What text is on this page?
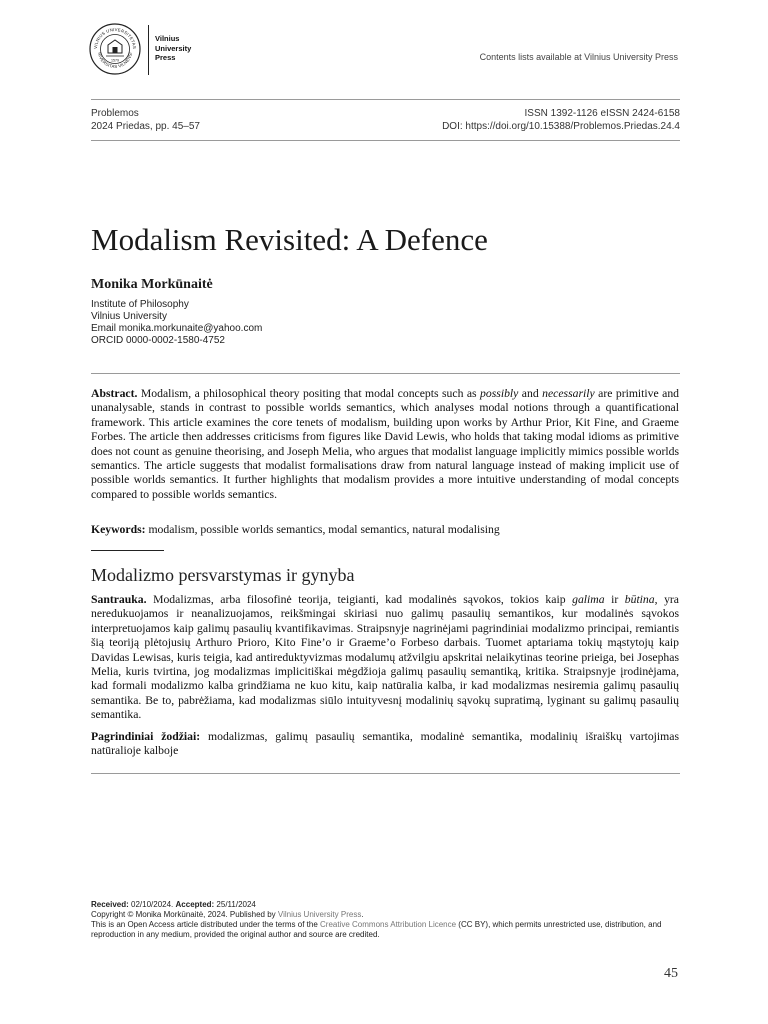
VILNIUS UNIVERSITETAS
NIVERSITAS VILNENSI
1579
Vilnius
University
Press	Contents lists available at Vilnius University Press
Problemos
2024 Priedas, pp. 45–57
ISSN 1392-1126 eISSN 2424-6158
DOI: https://doi.org/10.15388/Problemos.Priedas.24.4
Modalism Revisited: A Defence
Monika Morkūnaitė
Institute of Philosophy
Vilnius University
Email monika.morkunaite@yahoo.com
ORCID 0000-0002-1580-4752
Abstract. Modalism, a philosophical theory positing that modal concepts such as possibly and necessarily are primitive and unanalysable, stands in contrast to possible worlds semantics, which analyses modal notions through a quantificational framework. This article examines the core tenets of modalism, building upon works by Arthur Prior, Kit Fine, and Graeme Forbes. The article then addresses criticisms from figures like David Lewis, who holds that taking modal idioms as primitive does not count as genuine theorising, and Joseph Melia, who argues that modalist language implicitly mimics possible worlds semantics. The article suggests that modalist formalisations draw from natural language instead of making implicit use of possible worlds semantics. It further highlights that modalism provides a more intuitive understanding of modal concepts compared to possible worlds semantics.
Keywords: modalism, possible worlds semantics, modal semantics, natural modalising
Modalizmo persvarstymas ir gynyba
Santrauka. Modalizmas, arba filosofinė teorija, teigianti, kad modalinės sąvokos, tokios kaip galima ir būtina, yra neredukuojamos ir neanalizuojamos, reikšmingai skiriasi nuo galimų pasaulių semantikos, kur modalinės sąvokos interpretuojamos kaip galimų pasaulių kvantifikavimas. Straipsnyje nagrinėjami pagrindiniai modalizmo principai, remiantis šią teoriją plėtojusių Arthuro Prioro, Kito Fine’o ir Graeme’o Forbeso darbais. Tuomet aptariama tokių mąstytojų kaip Davidas Lewisas, kuris teigia, kad antireduktyvizmas modalumų atžvilgiu apskritai nelaikytinas teorine prieiga, bei Josephas Melia, kuris tvirtina, jog modalizmas implicitiškai mėgdžioja galimų pasaulių semantiką, kritika. Straipsnyje įrodinėjama, kad formali modalizmo kalba grindžiama ne kuo kitu, kaip natūralia kalba, ir kad modalizmas nesiremia galimų pasaulių semantika. Be to, pabrėžiama, kad modalizmas siūlo intuityvesnį modalinių sąvokų supratimą, lyginant su galimų pasaulių semantika.
Pagrindiniai žodžiai: modalizmas, galimų pasaulių semantika, modalinė semantika, modalinių išraiškų vartojimas natūralioje kalboje
Received: 02/10/2024. Accepted: 25/11/2024
Copyright © Monika Morkūnaitė, 2024. Published by Vilnius University Press.
This is an Open Access article distributed under the terms of the Creative Commons Attribution Licence (CC BY), which permits unrestricted use, distribution, and reproduction in any medium, provided the original author and source are credited.
45
